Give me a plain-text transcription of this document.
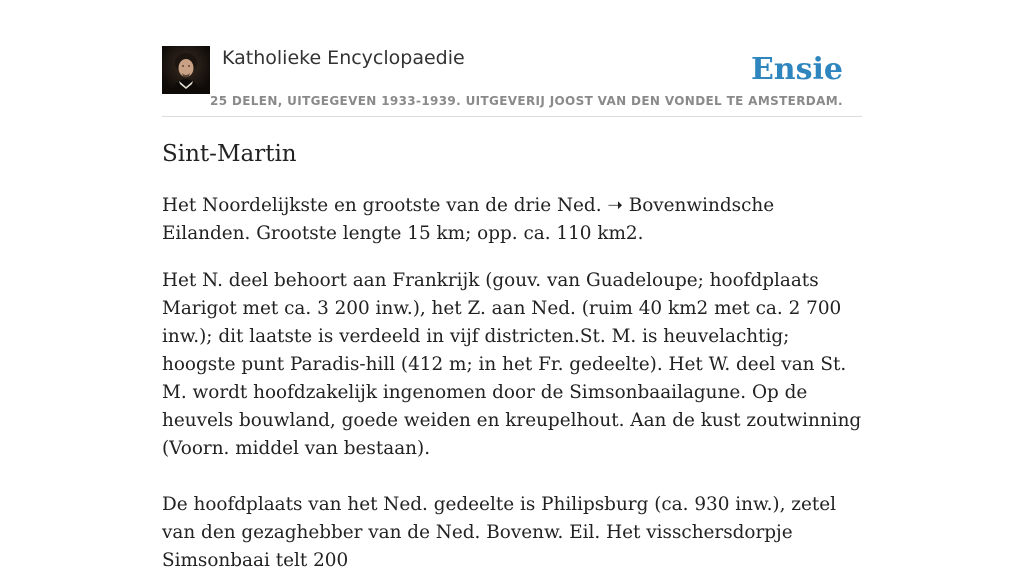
Katholieke Encyclopaedie	Ensie
25 DELEN, UITGEGEVEN 1933-1939. UITGEVERIJ JOOST VAN DEN VONDEL TE AMSTERDAM.
Sint-Martin

Het Noordelijkste en grootste van de drie Ned. ➝ Bovenwindsche Eilanden. Grootste lengte 15 km; opp. ca. 110 km2.

Het N. deel behoort aan Frankrijk (gouv. van Guadeloupe; hoofdplaats Marigot met ca. 3 200 inw.), het Z. aan Ned. (ruim 40 km2 met ca. 2 700 inw.); dit laatste is verdeeld in vijf districten.St. M. is heuvelachtig; hoogste punt Paradis-hill (412 m; in het Fr. gedeelte). Het W. deel van St. M. wordt hoofdzakelijk ingenomen door de Simsonbaailagune. Op de heuvels bouwland, goede weiden en kreupelhout. Aan de kust zoutwinning (Voorn. middel van bestaan).

De hoofdplaats van het Ned. gedeelte is Philipsburg (ca. 930 inw.), zetel van den gezaghebber van de Ned. Bovenw. Eil. Het visschersdorpje Simsonbaai telt 200
